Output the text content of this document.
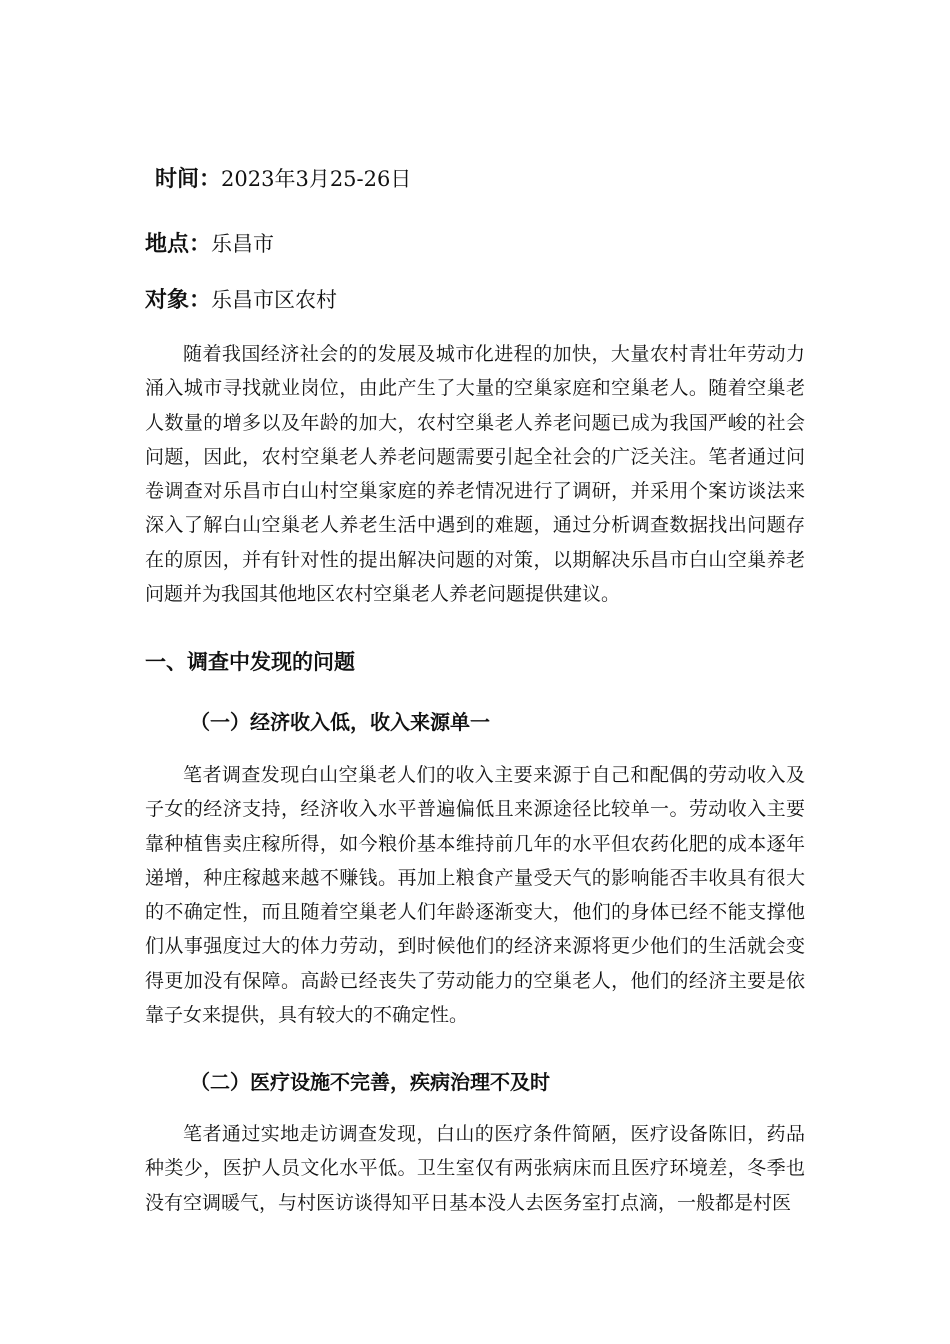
时间：2023年3月25-26日
地点：乐昌市
对象：乐昌市区农村

随着我国经济社会的的发展及城市化进程的加快，大量农村青壮年劳动力涌入城市寻找就业岗位，由此产生了大量的空巢家庭和空巢老人。随着空巢老人数量的增多以及年龄的加大，农村空巢老人养老问题已成为我国严峻的社会问题，因此，农村空巢老人养老问题需要引起全社会的广泛关注。笔者通过问卷调查对乐昌市白山村空巢家庭的养老情况进行了调研，并采用个案访谈法来深入了解白山空巢老人养老生活中遇到的难题，通过分析调查数据找出问题存在的原因，并有针对性的提出解决问题的对策，以期解决乐昌市白山空巢养老问题并为我国其他地区农村空巢老人养老问题提供建议。

一、调查中发现的问题
（一）经济收入低，收入来源单一

笔者调查发现白山空巢老人们的收入主要来源于自己和配偶的劳动收入及子女的经济支持，经济收入水平普遍偏低且来源途径比较单一。劳动收入主要靠种植售卖庄稼所得，如今粮价基本维持前几年的水平但农药化肥的成本逐年递增，种庄稼越来越不赚钱。再加上粮食产量受天气的影响能否丰收具有很大的不确定性，而且随着空巢老人们年龄逐渐变大，他们的身体已经不能支撑他们从事强度过大的体力劳动，到时候他们的经济来源将更少他们的生活就会变得更加没有保障。高龄已经丧失了劳动能力的空巢老人，他们的经济主要是依靠子女来提供，具有较大的不确定性。

（二）医疗设施不完善，疾病治理不及时

笔者通过实地走访调查发现，白山的医疗条件简陋，医疗设备陈旧，药品种类少，医护人员文化水平低。卫生室仅有两张病床而且医疗环境差，冬季也没有空调暖气，与村医访谈得知平日基本没人去医务室打点滴，一般都是村医
